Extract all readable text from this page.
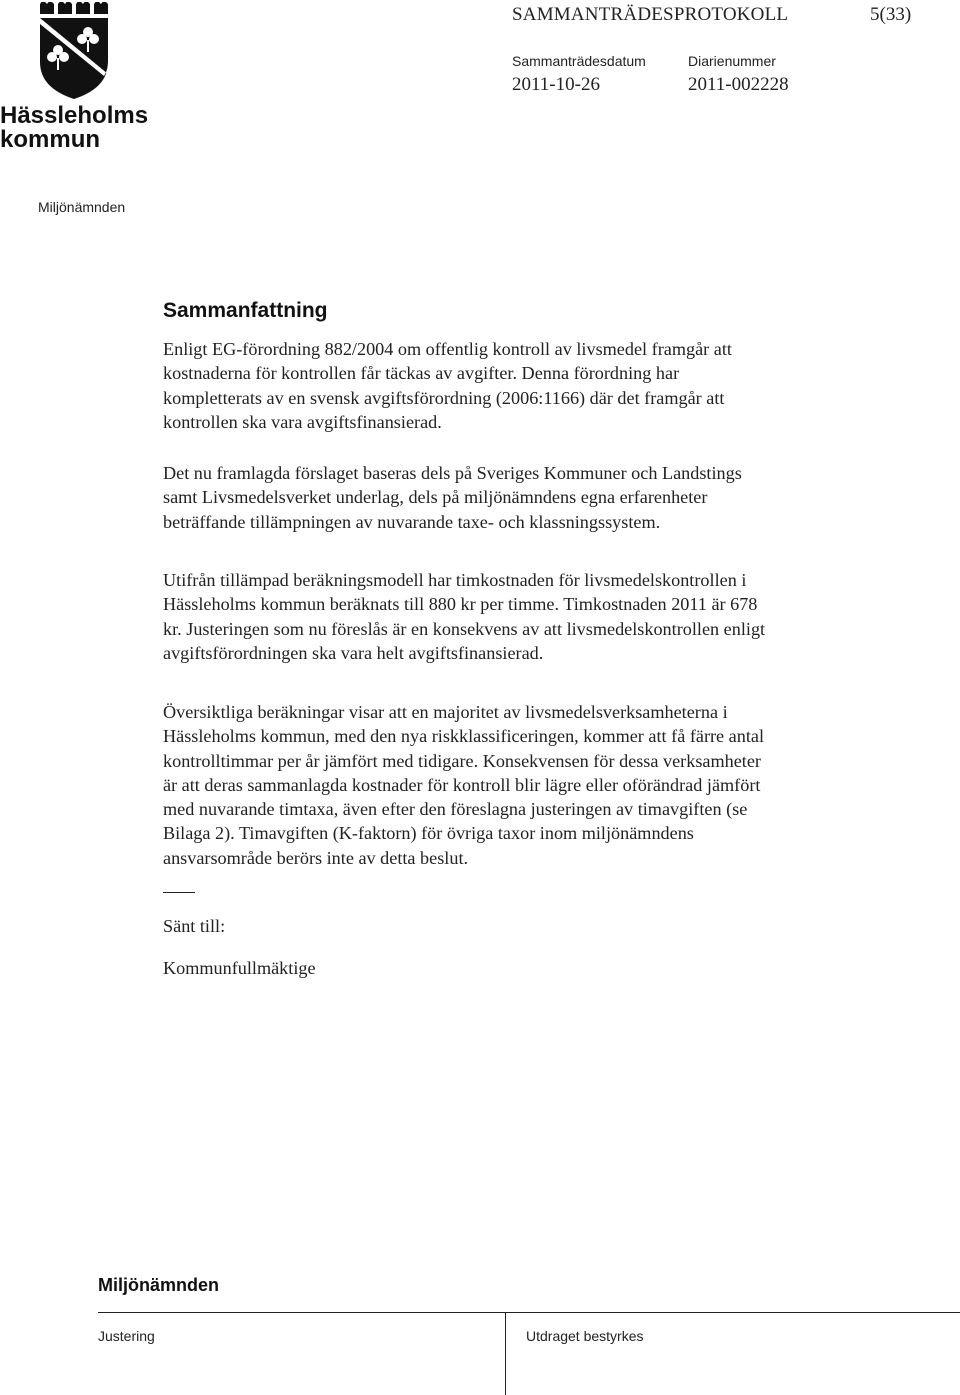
Hässleholms
kommun
SAMMANTRÄDESPROTOKOLL	5(33)
Sammanträdesdatum	Diarienummer
2011-10-26	2011-002228
Miljönämnden
Sammanfattning

Enligt EG-förordning 882/2004 om offentlig kontroll av livsmedel framgår att
kostnaderna för kontrollen får täckas av avgifter. Denna förordning har
kompletterats av en svensk avgiftsförordning (2006:1166) där det framgår att
kontrollen ska vara avgiftsfinansierad.

Det nu framlagda förslaget baseras dels på Sveriges Kommuner och Landstings
samt Livsmedelsverket underlag, dels på miljönämndens egna erfarenheter
beträffande tillämpningen av nuvarande taxe- och klassningssystem.

Utifrån tillämpad beräkningsmodell har timkostnaden för livsmedelskontrollen i
Hässleholms kommun beräknats till 880 kr per timme. Timkostnaden 2011 är 678
kr. Justeringen som nu föreslås är en konsekvens av att livsmedelskontrollen enligt
avgiftsförordningen ska vara helt avgiftsfinansierad.

Översiktliga beräkningar visar att en majoritet av livsmedelsverksamheterna i
Hässleholms kommun, med den nya riskklassificeringen, kommer att få färre antal
kontrolltimmar per år jämfört med tidigare. Konsekvensen för dessa verksamheter
är att deras sammanlagda kostnader för kontroll blir lägre eller oförändrad jämfört
med nuvarande timtaxa, även efter den föreslagna justeringen av timavgiften (se
Bilaga 2). Timavgiften (K-faktorn) för övriga taxor inom miljönämndens
ansvarsområde berörs inte av detta beslut.

Sänt till:
Kommunfullmäktige
Miljönämnden
Justering	Utdraget bestyrkes
